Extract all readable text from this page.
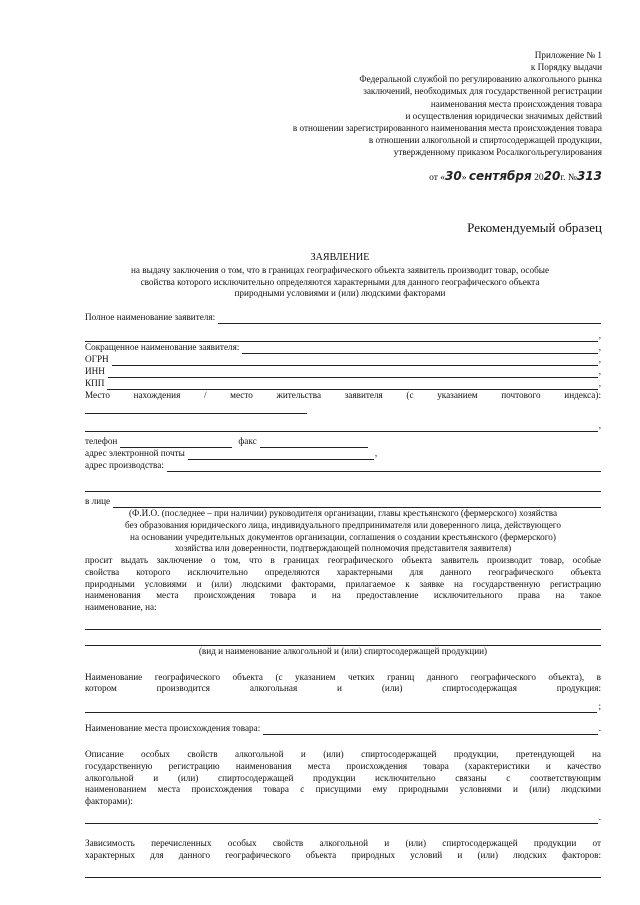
Приложение № 1
к Порядку выдачи
Федеральной службой по регулированию алкогольного рынка
заключений, необходимых для государственной регистрации
наименования места происхождения товара
и осуществления юридически значимых действий
в отношении зарегистрированного наименования места происхождения товара
в отношении алкогольной и спиртосодержащей продукции,
утвержденному приказом Росалкогольрегулирования
от «30» сентября 2020г. №313
Рекомендуемый образец
ЗАЯВЛЕНИЕ
на выдачу заключения о том, что в границах географического объекта заявитель производит товар, особые
свойства которого исключительно определяются характерными для данного географического объекта
природными условиями и (или) людскими факторами
Полное наименование заявителя:
,
Сокращенное наименование заявителя:	,
ОГРН	,
ИНН	,
КПП	,
Место	нахождения	/	место	жительства	заявителя	(с	указанием	почтового	индекса):
,
телефон	факс
адрес электронной почты	,
адрес производства:
в лице
(Ф.И.О. (последнее – при наличии) руководителя организации, главы крестьянского (фермерского) хозяйства
без образования юридического лица, индивидуального предпринимателя или доверенного лица, действующего
на основании учредительных документов организации, соглашения о создании крестьянского (фермерского)
хозяйства или доверенности, подтверждающей полномочия представителя заявителя)
просит выдать заключение о том, что в границах географического объекта заявитель производит товар, особые
свойства которого исключительно определяются характерными для данного географического объекта
природными условиями и (или) людскими факторами, прилагаемое к заявке на государственную регистрацию
наименования места происхождения товара и на предоставление исключительного права на такое
наименование, на:
(вид и наименование алкогольной и (или) спиртосодержащей продукции)
Наименование географического объекта (с указанием четких границ данного географического объекта), в
котором производится алкогольная и (или) спиртосодержащая продукция:
;
Наименование места происхождения товара:	.
Описание особых свойств алкогольной и (или) спиртосодержащей продукции, претендующей на
государственную регистрацию наименования места происхождения товара (характеристики и качество
алкогольной и (или) спиртосодержащей продукции исключительно связаны с соответствующим
наименованием места происхождения товара с присущими ему природными условиями и (или) людскими
факторами):
.
Зависимость перечисленных особых свойств алкогольной и (или) спиртосодержащей продукции от
характерных для данного географического объекта природных условий и (или) людских факторов:
